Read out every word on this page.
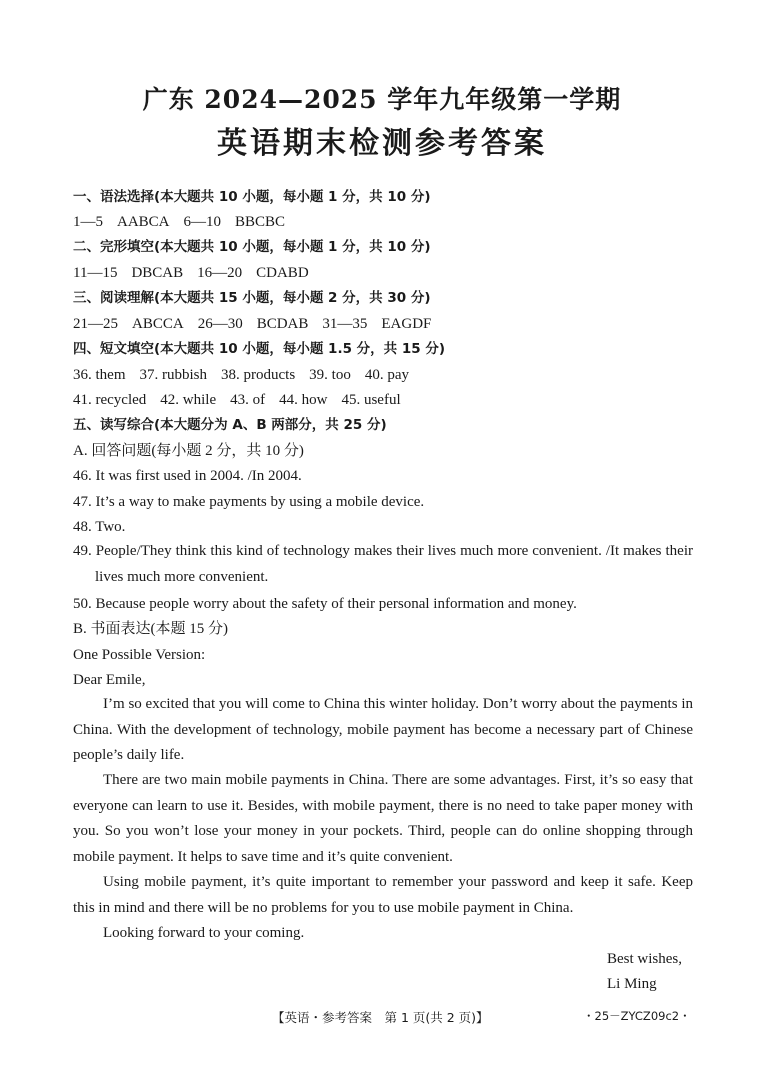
广东 2024—2025 学年九年级第一学期
英语期末检测参考答案
一、语法选择(本大题共 10 小题，每小题 1 分，共 10 分)
1—5 AABCA 6—10 BBCBC
二、完形填空(本大题共 10 小题，每小题 1 分，共 10 分)
11—15 DBCAB 16—20 CDABD
三、阅读理解(本大题共 15 小题，每小题 2 分，共 30 分)
21—25 ABCCA 26—30 BCDAB 31—35 EAGDF
四、短文填空(本大题共 10 小题，每小题 1.5 分，共 15 分)
36. them 37. rubbish 38. products 39. too 40. pay
41. recycled 42. while 43. of 44. how 45. useful
五、读写综合(本大题分为 A、B 两部分，共 25 分)
A. 回答问题(每小题 2 分，共 10 分)
46. It was first used in 2004. /In 2004.
47. It’s a way to make payments by using a mobile device.
48. Two.
49. People/They think this kind of technology makes their lives much more convenient. /It makes their lives much more convenient.
50. Because people worry about the safety of their personal information and money.
B. 书面表达(本题 15 分)
One Possible Version:
Dear Emile,
I’m so excited that you will come to China this winter holiday. Don’t worry about the payments in China. With the development of technology, mobile payment has become a necessary part of Chinese people’s daily life.
There are two main mobile payments in China. There are some advantages. First, it’s so easy that everyone can learn to use it. Besides, with mobile payment, there is no need to take paper money with you. So you won’t lose your money in your pockets. Third, people can do online shopping through mobile payment. It helps to save time and it’s quite convenient.
Using mobile payment, it’s quite important to remember your password and keep it safe. Keep this in mind and there will be no problems for you to use mobile payment in China.
Looking forward to your coming.
Best wishes,
Li Ming
【英语・参考答案　第 1 页(共 2 页)】	・25－ZYCZ09c2・
